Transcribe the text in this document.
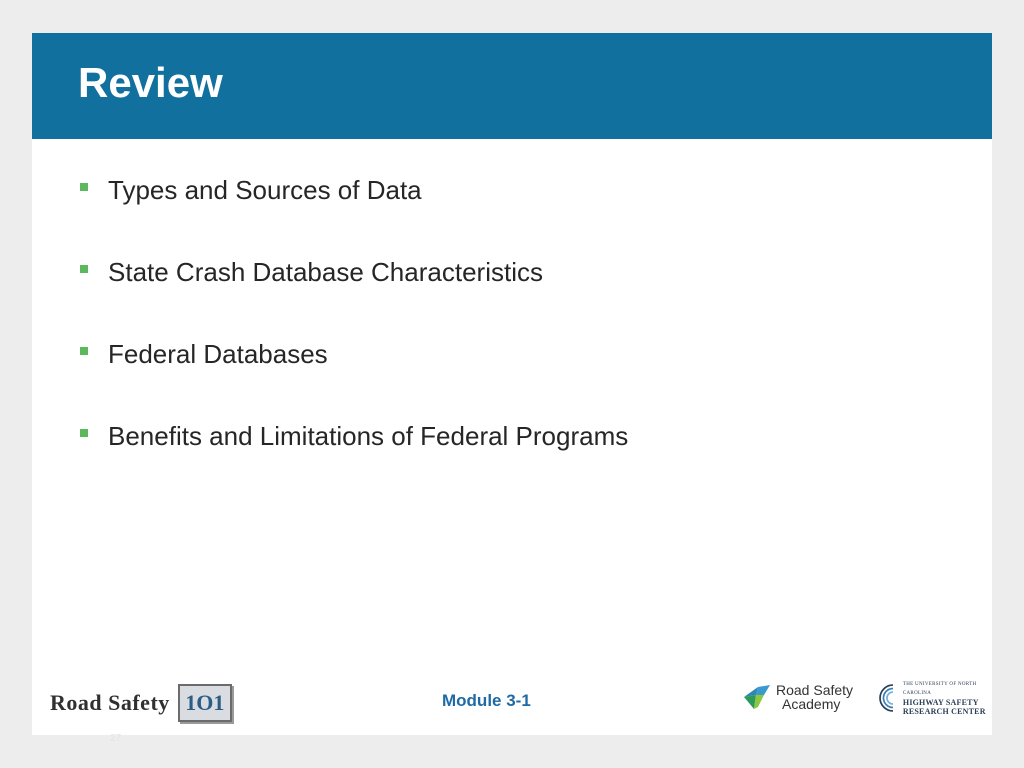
Review
Types and Sources of Data
State Crash Database Characteristics
Federal Databases
Benefits and Limitations of Federal Programs
Road Safety 1O1	Module 3-1
Road Safety
Academy
THE UNIVERSITY OF NORTH CAROLINA
HIGHWAY SAFETY
RESEARCH CENTER
27
